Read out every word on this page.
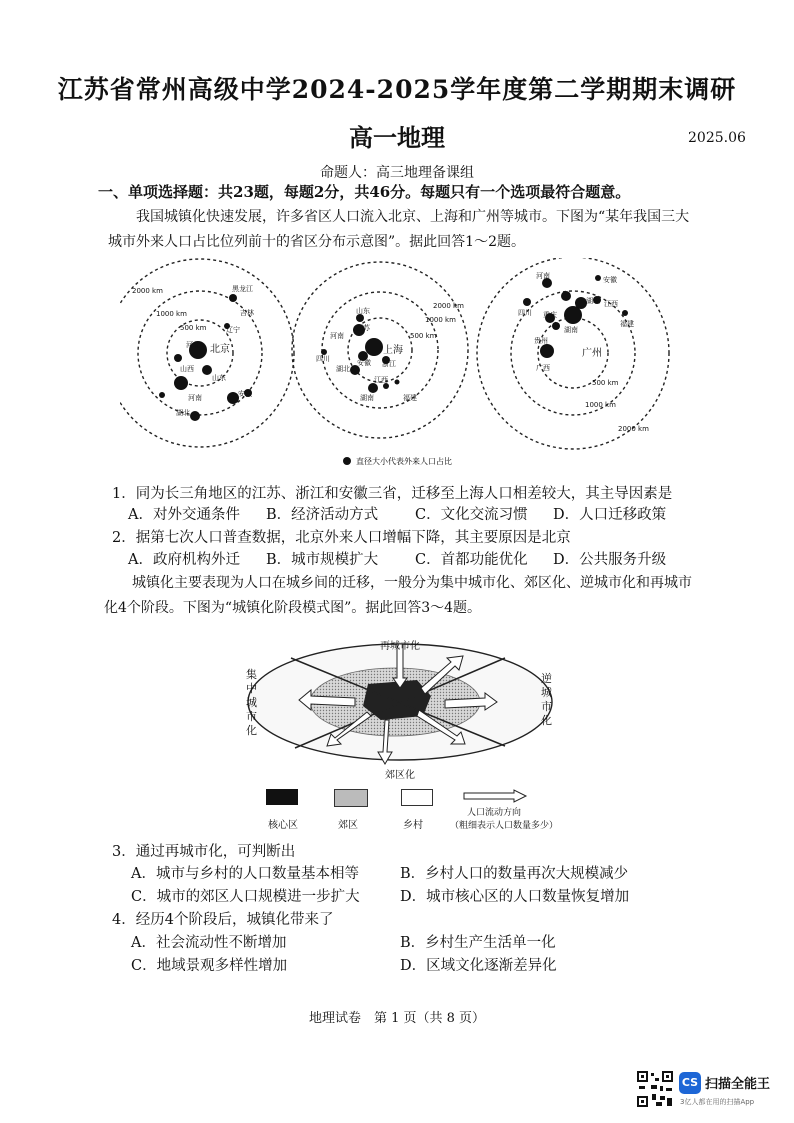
江苏省常州高级中学2024-2025学年度第二学期期末调研
高一地理	2025.06
命题人：高三地理备课组
一、单项选择题：共23题，每题2分，共46分。每题只有一个选项最符合题意。
我国城镇化快速发展，许多省区人口流入北京、上海和广州等城市。下图为“某年我国三大城市外来人口占比位列前十的省区分布示意图”。据此回答1～2题。
2000 km
1000 km
500 km
北京
黑龙江
吉林
辽宁
河北
山西
山东
河南	安徽
湖北
2000 km
1000 km
500 km
上海
山东
江苏
河南
安徽 浙江
四川
湖北
江西
湖南	福建
广州
500 km
1000 km
2000 km
河南	安徽
湖北 江西
四川 重庆
湖南
福建
贵州
广西
直径大小代表外来人口占比
1．同为长三角地区的江苏、浙江和安徽三省，迁移至上海人口相差较大，其主导因素是
A．对外交通条件 B．经济活动方式	C．文化交流习惯 D．人口迁移政策
2．据第七次人口普查数据，北京外来人口增幅下降，其主要原因是北京
A．政府机构外迁 B．城市规模扩大	C．首都功能优化 D．公共服务升级
城镇化主要表现为人口在城乡间的迁移，一般分为集中城市化、郊区化、逆城市化和再城市化4个阶段。下图为“城镇化阶段模式图”。据此回答3～4题。
再城市化
郊区化
集中城市化
逆城市化
核心区	郊区	乡村
人口流动方向
（粗细表示人口数量多少）
3．通过再城市化，可判断出
A．城市与乡村的人口数量基本相等	B．乡村人口的数量再次大规模减少
C．城市的郊区人口规模进一步扩大	D．城市核心区的人口数量恢复增加
4．经历4个阶段后，城镇化带来了
A．社会流动性不断增加	B．乡村生产生活单一化
C．地域景观多样性增加	D．区域文化逐渐差异化
地理试卷　第 1 页（共 8 页）
CS 扫描全能王
3亿人都在用的扫描App
